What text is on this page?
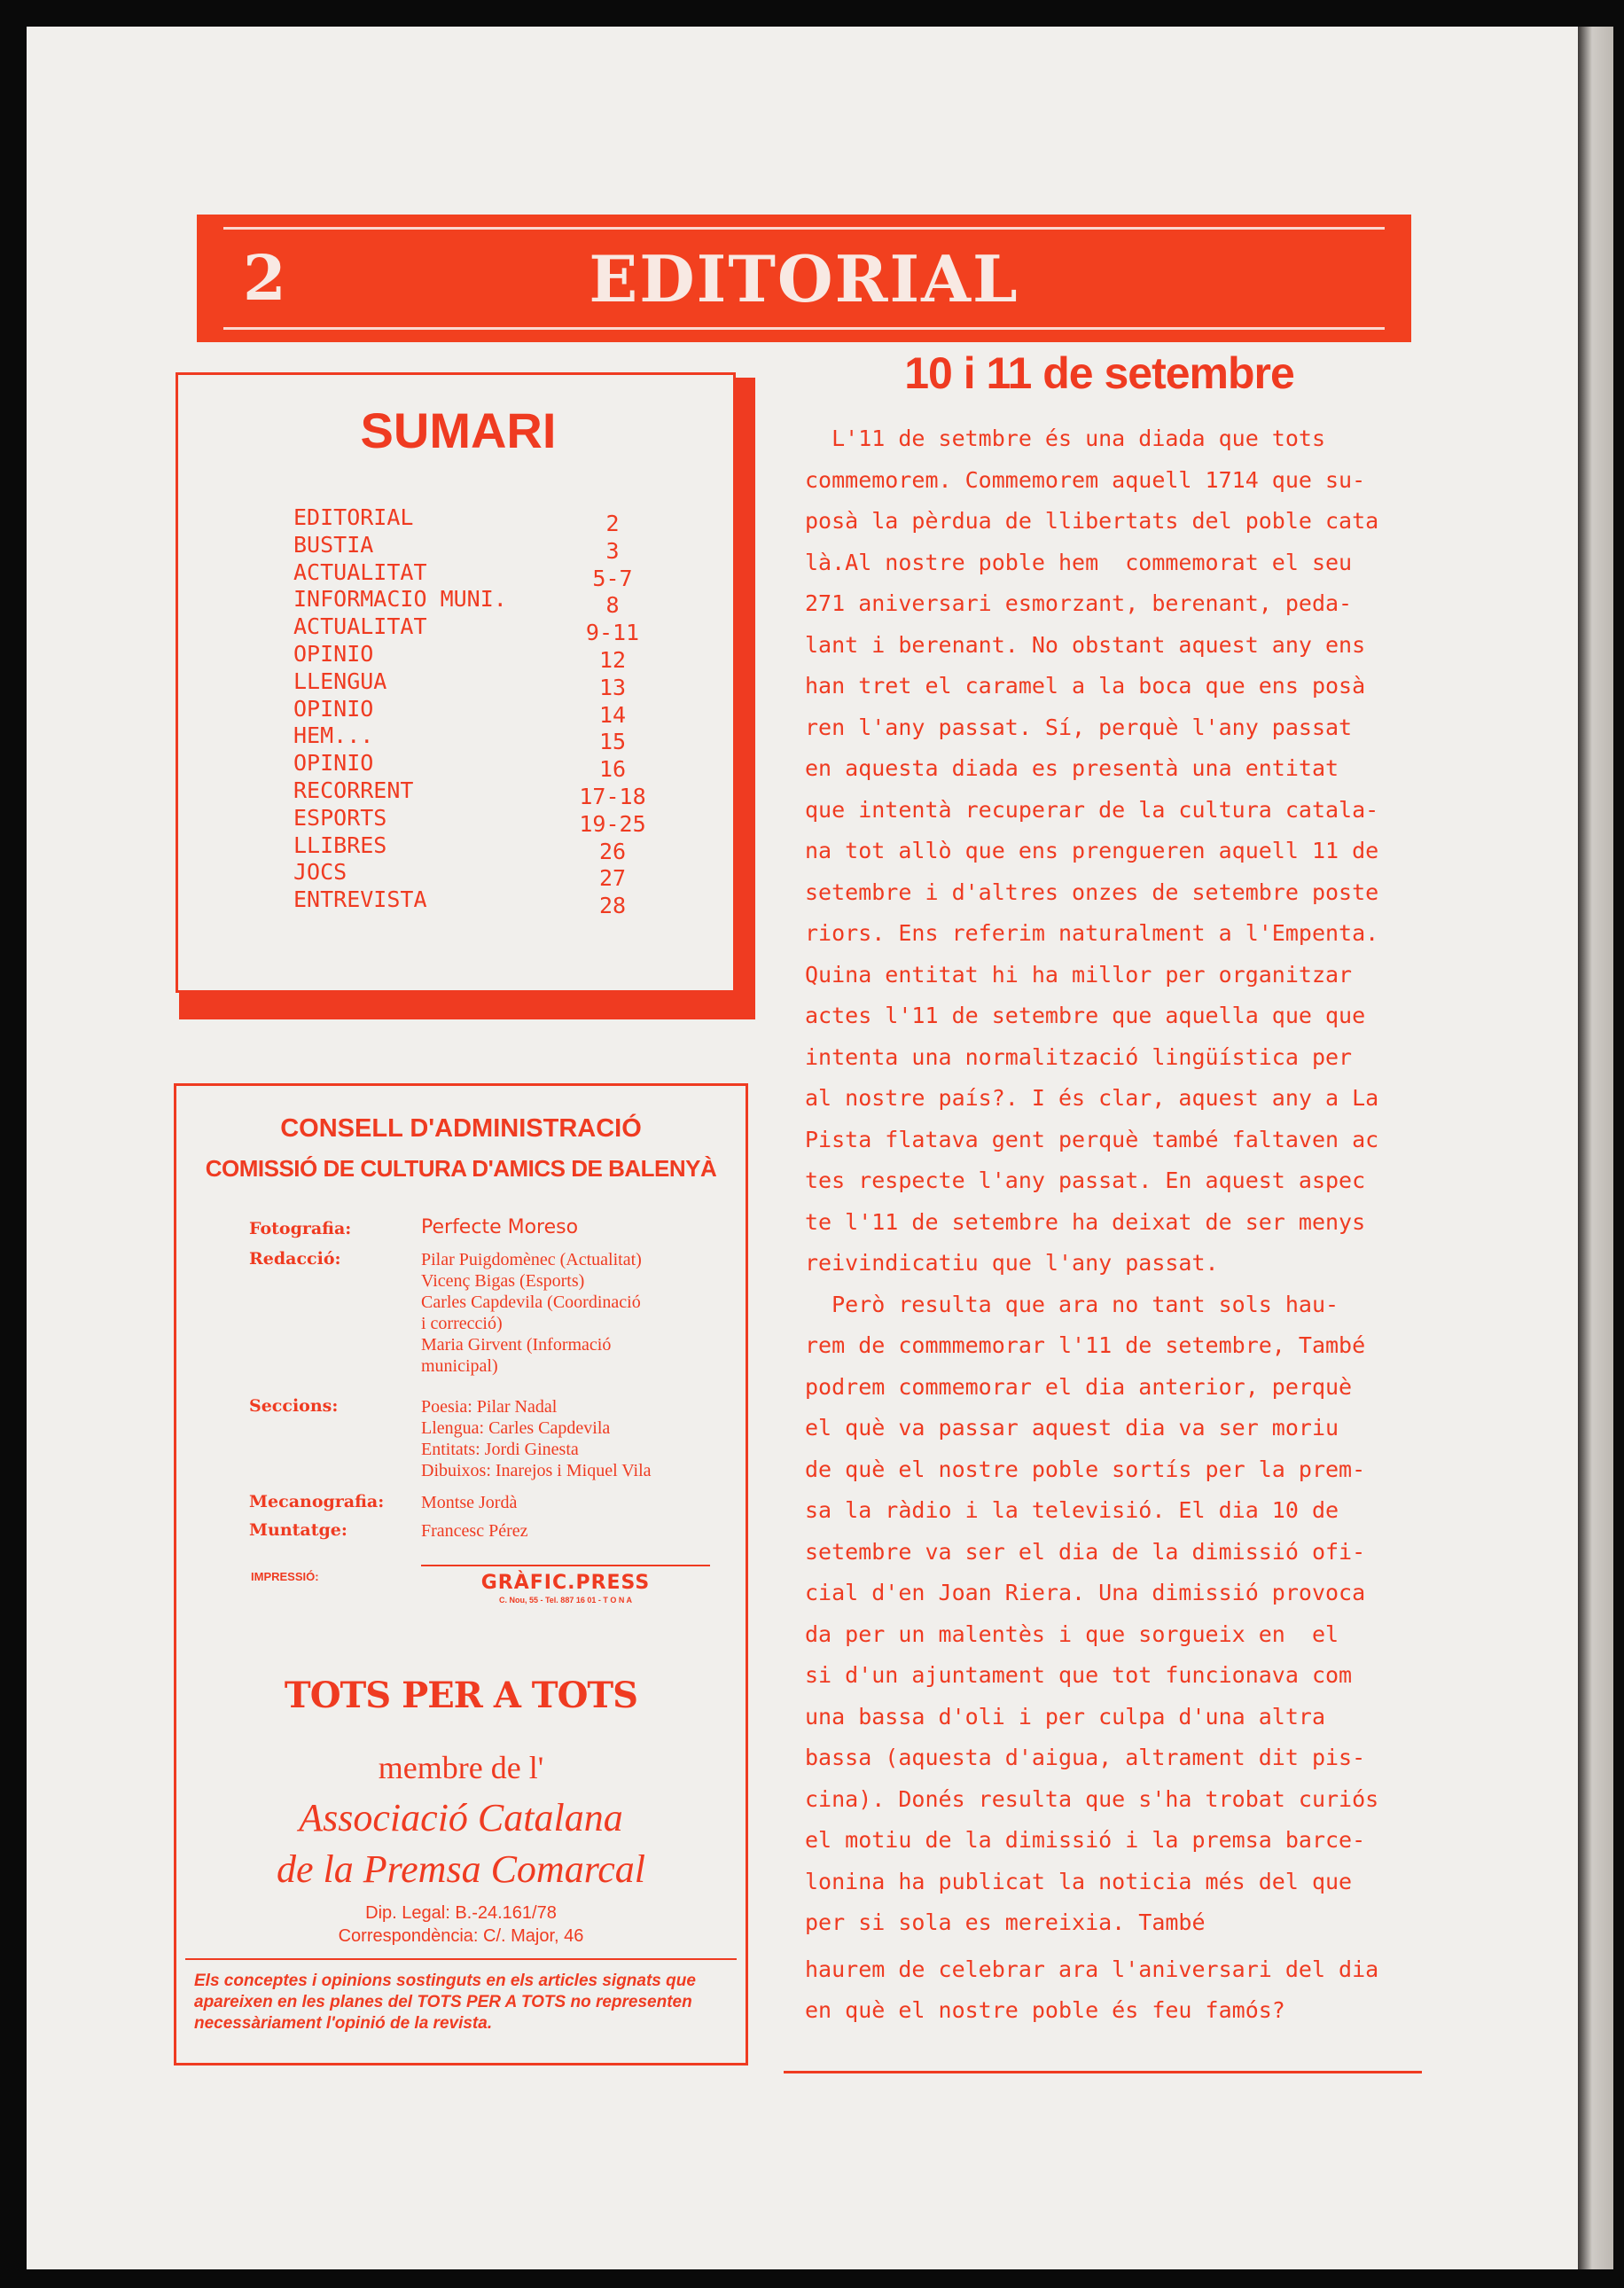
2	EDITORIAL
SUMARI
EDITORIAL	2
BUSTIA	3
ACTUALITAT	5-7
INFORMACIO MUNI.	8
ACTUALITAT	9-11
OPINIO	12
LLENGUA	13
OPINIO	14
HEM...	15
OPINIO	16
RECORRENT	17-18
ESPORTS	19-25
LLIBRES	26
JOCS	27
ENTREVISTA	28
CONSELL D'ADMINISTRACIÓ
COMISSIÓ DE CULTURA D'AMICS DE BALENYÀ
Fotografia:	Perfecte Moreso
Redacció:	Pilar Puigdomènec (Actualitat)
Vicenç Bigas (Esports)
Carles Capdevila (Coordinació
i correcció)
Maria Girvent (Informació
municipal)
Seccions:	Poesia: Pilar Nadal
Llengua: Carles Capdevila
Entitats: Jordi Ginesta
Dibuixos: Inarejos i Miquel Vila
Mecanografia: Montse Jordà
Muntatge:	Francesc Pérez
IMPRESSIÓ:	GRÀFIC.PRESS
C. Nou, 55 - Tel. 887 16 01 - T O N A
TOTS PER A TOTS
membre de l'
Associació Catalana
de la Premsa Comarcal
Dip. Legal: B.-24.161/78
Correspondència: C/. Major, 46
Els conceptes i opinions sostinguts en els articles signats que apareixen en les planes del TOTS PER A TOTS no representen necessàriament l'opinió de la revista.
10 i 11 de setembre
L'11 de setmbre és una diada que tots
commemorem. Commemorem aquell 1714 que su-
posà la pèrdua de llibertats del poble cata
là.Al nostre poble hem  commemorat el seu
271 aniversari esmorzant, berenant, peda-
lant i berenant. No obstant aquest any ens
han tret el caramel a la boca que ens posà
ren l'any passat. Sí, perquè l'any passat
en aquesta diada es presentà una entitat
que intentà recuperar de la cultura catala-
na tot allò que ens prengueren aquell 11 de
setembre i d'altres onzes de setembre poste
riors. Ens referim naturalment a l'Empenta.
Quina entitat hi ha millor per organitzar
actes l'11 de setembre que aquella que que
intenta una normalització lingüística per
al nostre país?. I és clar, aquest any a La
Pista flatava gent perquè també faltaven ac
tes respecte l'any passat. En aquest aspec
te l'11 de setembre ha deixat de ser menys
reivindicatiu que l'any passat.
Però resulta que ara no tant sols hau-
rem de commmemorar l'11 de setembre, També
podrem commemorar el dia anterior, perquè
el què va passar aquest dia va ser moriu
de què el nostre poble sortís per la prem-
sa la ràdio i la televisió. El dia 10 de
setembre va ser el dia de la dimissió ofi-
cial d'en Joan Riera. Una dimissió provoca
da per un malentès i que sorgueix en  el
si d'un ajuntament que tot funcionava com
una bassa d'oli i per culpa d'una altra
bassa (aquesta d'aigua, altrament dit pis-
cina). Donés resulta que s'ha trobat curiós
el motiu de la dimissió i la premsa barce-
lonina ha publicat la noticia més del que
per si sola es mereixia. També
haurem de celebrar ara l'aniversari del dia
en què el nostre poble és feu famós?
